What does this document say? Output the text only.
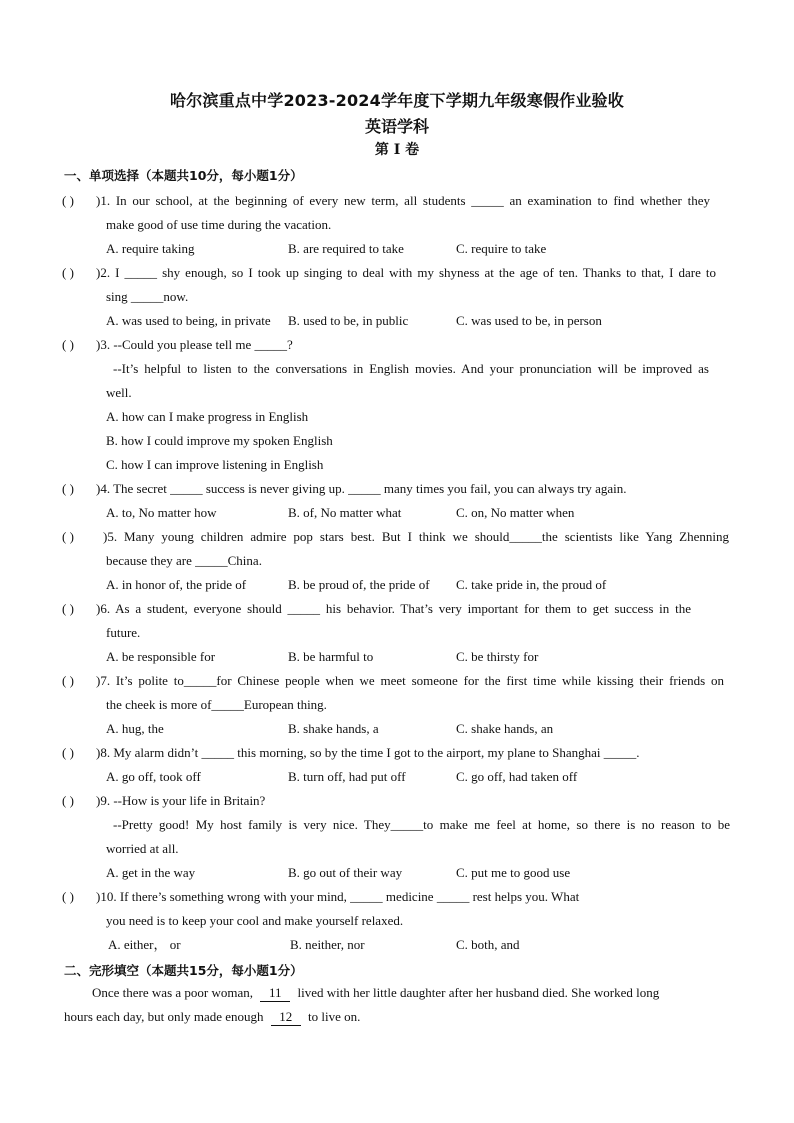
哈尔滨重点中学2023-2024学年度下学期九年级寒假作业验收
英语学科
第 I 卷
一、单项选择（本题共10分，每小题1分）
( ) )1. In our school, at the beginning of every new term, all students _____ an examination to find whether they
make good of use time during the vacation.
A. require taking	B. are required to take	C. require to take
( ) )2. I _____ shy enough, so I took up singing to deal with my shyness at the age of ten. Thanks to that, I dare to
sing _____now.
A. was used to being, in private B. used to be, in public	C. was used to be, in person
( ) )3. --Could you please tell me _____?
--It’s helpful to listen to the conversations in English movies. And your pronunciation will be improved as
well.
A. how can I make progress in English
B. how I could improve my spoken English
C. how I can improve listening in English
( ) )4. The secret _____ success is never giving up. _____ many times you fail, you can always try again.
A. to, No matter how	B. of, No matter what	C. on, No matter when
( ) )5. Many young children admire pop stars best. But I think we should_____the scientists like Yang Zhenning
because they are _____China.
A. in honor of, the pride of	B. be proud of, the pride of C. take pride in, the proud of
( ) )6. As a student, everyone should _____ his behavior. That’s very important for them to get success in the
future.
A. be responsible for	B. be harmful to	C. be thirsty for
( ) )7. It’s polite to_____for Chinese people when we meet someone for the first time while kissing their friends on
the cheek is more of_____European thing.
A. hug, the	B. shake hands, a	C. shake hands, an
( ) )8. My alarm didn’t _____ this morning, so by the time I got to the airport, my plane to Shanghai _____.
A. go off, took off	B. turn off, had put off	C. go off, had taken off
( ) )9. --How is your life in Britain?
--Pretty good! My host family is very nice. They_____to make me feel at home, so there is no reason to be
worried at all.
A. get in the way	B. go out of their way	C. put me to good use
( ) )10. If there’s something wrong with your mind, _____ medicine _____ rest helps you. What
you need is to keep your cool and make yourself relaxed.
A. either， or	B. neither, nor	C. both, and
二、完形填空（本题共15分，每小题1分）
Once there was a poor woman, 11 lived with her little daughter after her husband died. She worked long
hours each day, but only made enough 12 to live on.
